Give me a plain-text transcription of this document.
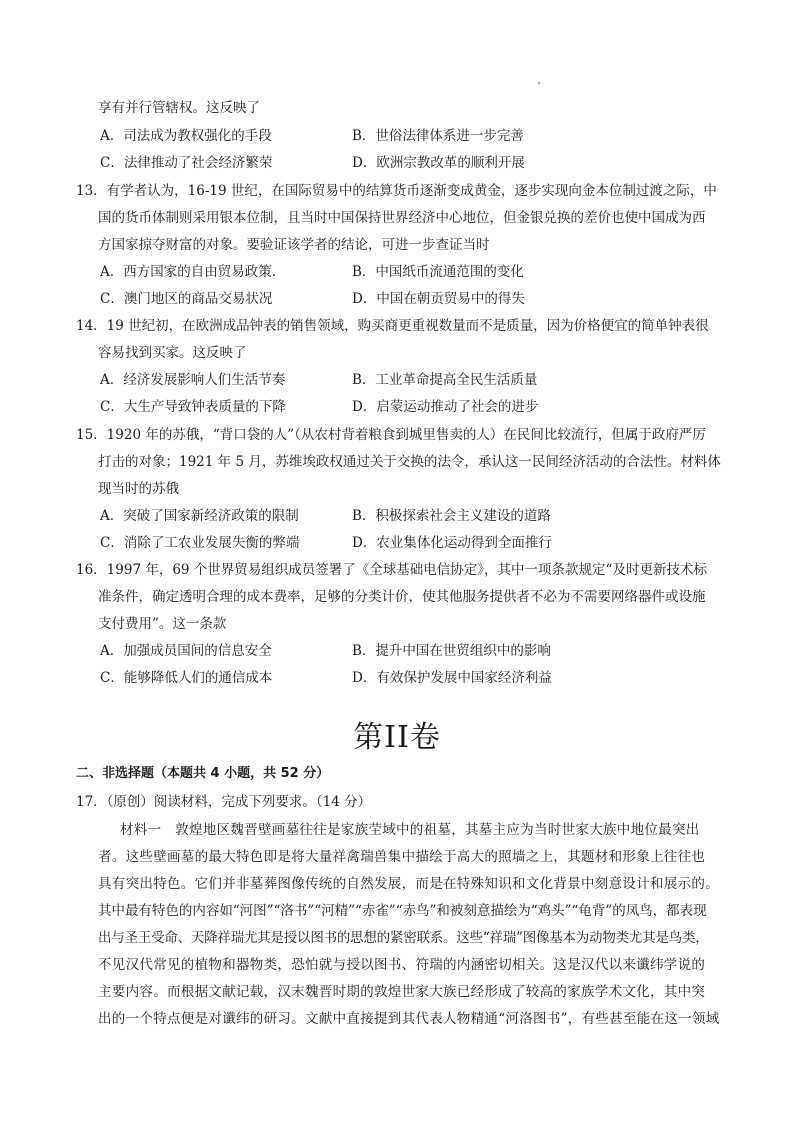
享有并行管辖权。这反映了
A．司法成为教权强化的手段	B．世俗法律体系进一步完善
C．法律推动了社会经济繁荣	D．欧洲宗教改革的顺利开展
13．有学者认为，16-19 世纪，在国际贸易中的结算货币逐渐变成黄金，逐步实现向金本位制过渡之际，中
国的货币体制则采用银本位制，且当时中国保持世界经济中心地位，但金银兑换的差价也使中国成为西
方国家掠夺财富的对象。要验证该学者的结论，可进一步查证当时
A．西方国家的自由贸易政策.	B．中国纸币流通范围的变化
C．澳门地区的商品交易状况	D．中国在朝贡贸易中的得失
14．19 世纪初，在欧洲成品钟表的销售领域，购买商更重视数量而不是质量，因为价格便宜的简单钟表很
容易找到买家。这反映了
A．经济发展影响人们生活节奏	B．工业革命提高全民生活质量
C．大生产导致钟表质量的下降	D．启蒙运动推动了社会的进步
15．1920 年的苏俄，“背口袋的人”（从农村背着粮食到城里售卖的人）在民间比较流行，但属于政府严厉
打击的对象；1921 年 5 月，苏维埃政权通过关于交换的法令，承认这一民间经济活动的合法性。材料体
现当时的苏俄
A．突破了国家新经济政策的限制	B．积极探索社会主义建设的道路
C．消除了工农业发展失衡的弊端	D．农业集体化运动得到全面推行
16．1997 年，69 个世界贸易组织成员签署了《全球基础电信协定》，其中一项条款规定“及时更新技术标
准条件，确定透明合理的成本费率，足够的分类计价，使其他服务提供者不必为不需要网络器件或设施
支付费用”。这一条款
A．加强成员国间的信息安全	B．提升中国在世贸组织中的影响
C．能够降低人们的通信成本	D．有效保护发展中国家经济利益
第II卷
二、非选择题（本题共 4 小题，共 52 分）
17．（原创）阅读材料，完成下列要求。（14 分）
材料一　敦煌地区魏晋壁画墓往往是家族茔域中的祖墓，其墓主应为当时世家大族中地位最突出
者。这些壁画墓的最大特色即是将大量祥禽瑞兽集中描绘于高大的照墙之上，其题材和形象上往往也
具有突出特色。它们并非墓葬图像传统的自然发展，而是在特殊知识和文化背景中刻意设计和展示的。
其中最有特色的内容如“河图”“洛书”“河精”“赤雀”“赤鸟”和被刻意描绘为“鸡头”“龟背”的凤鸟，都表现
出与圣王受命、天降祥瑞尤其是授以图书的思想的紧密联系。这些“祥瑞”图像基本为动物类尤其是鸟类，
不见汉代常见的植物和器物类，恐怕就与授以图书、符瑞的内涵密切相关。这是汉代以来谶纬学说的
主要内容。而根据文献记载，汉末魏晋时期的敦煌世家大族已经形成了较高的家族学术文化，其中突
出的一个特点便是对谶纬的研习。文献中直接提到其代表人物精通“河洛图书”，有些甚至能在这一领域
